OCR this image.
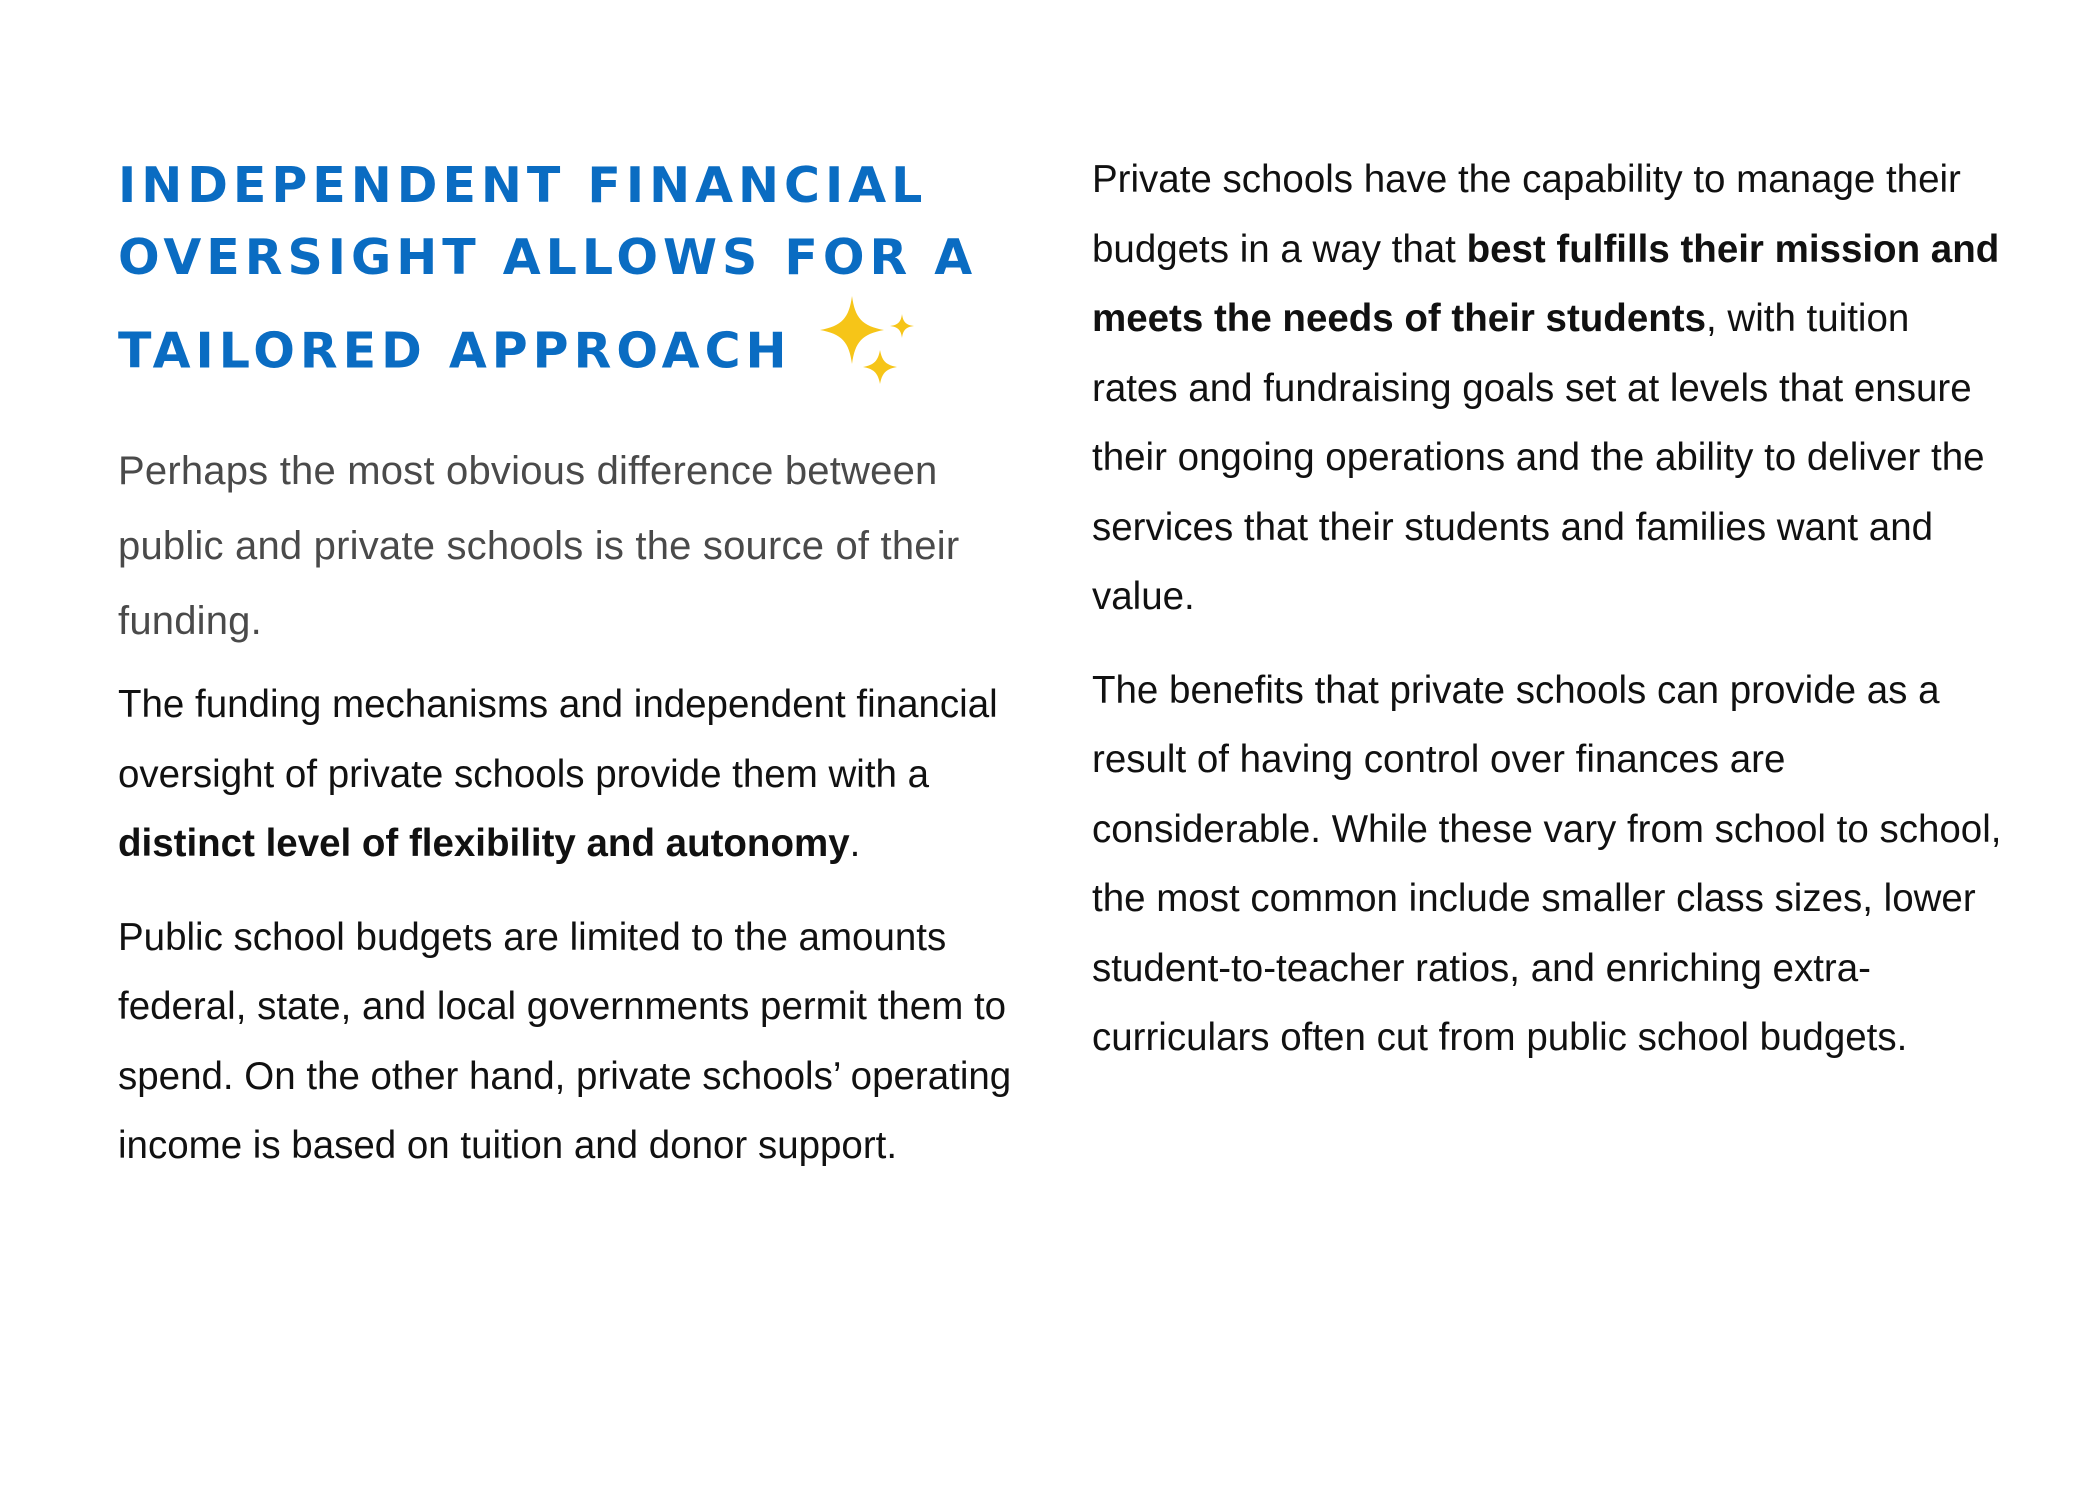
INDEPENDENT FINANCIAL
OVERSIGHT ALLOWS FOR A
TAILORED APPROACH

Perhaps the most obvious difference between public and private schools is the source of their funding.

The funding mechanisms and independent financial oversight of private schools provide them with a distinct level of flexibility and autonomy.

Public school budgets are limited to the amounts federal, state, and local governments permit them to spend. On the other hand, private schools’ operating income is based on tuition and donor support.

Private schools have the capability to manage their budgets in a way that best fulfills their mission and meets the needs of their students, with tuition rates and fundraising goals set at levels that ensure their ongoing operations and the ability to deliver the services that their students and families want and value.

The benefits that private schools can provide as a result of having control over finances are considerable. While these vary from school to school, the most common include smaller class sizes, lower student-to-teacher ratios, and enriching extra-curriculars often cut from public school budgets.
